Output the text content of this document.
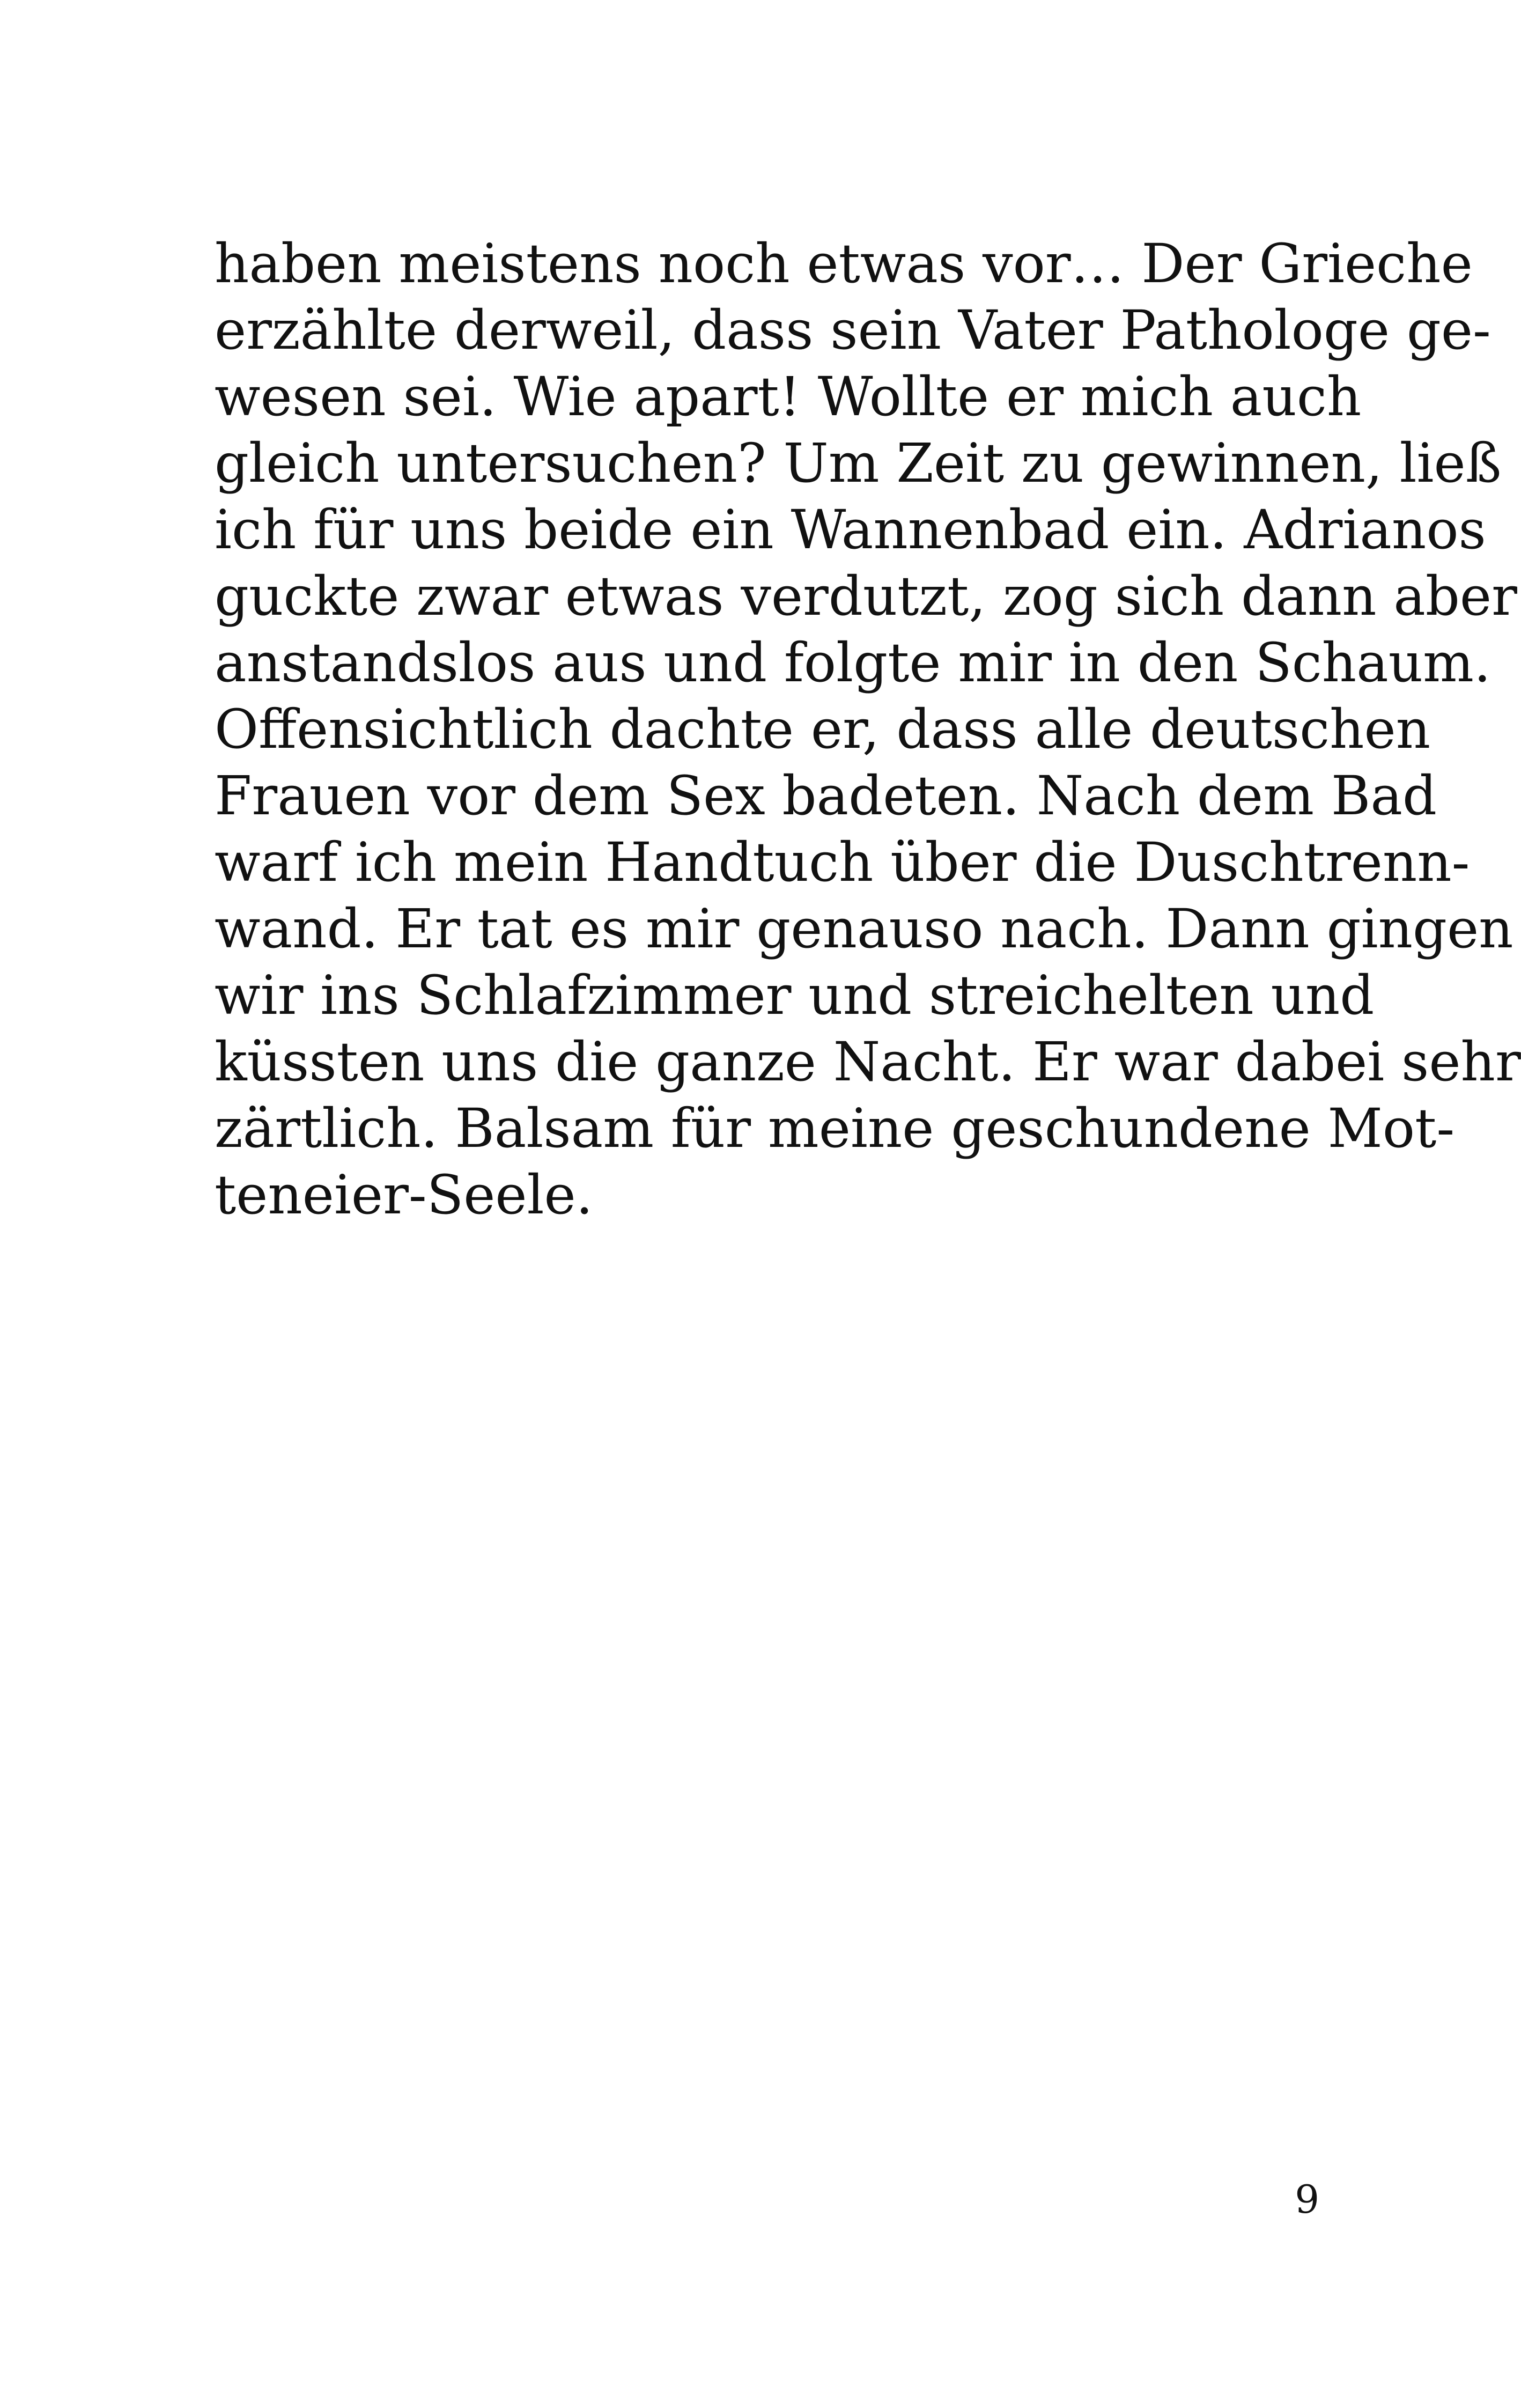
haben meistens noch etwas vor… Der Grieche
erzählte derweil, dass sein Vater Pathologe ge-
wesen sei. Wie apart! Wollte er mich auch
gleich untersuchen? Um Zeit zu gewinnen, ließ
ich für uns beide ein Wannenbad ein. Adrianos
guckte zwar etwas verdutzt, zog sich dann aber
anstandslos aus und folgte mir in den Schaum.
Offensichtlich dachte er, dass alle deutschen
Frauen vor dem Sex badeten. Nach dem Bad
warf ich mein Handtuch über die Duschtrenn-
wand. Er tat es mir genauso nach. Dann gingen
wir ins Schlafzimmer und streichelten und
küssten uns die ganze Nacht. Er war dabei sehr
zärtlich. Balsam für meine geschundene Mot-
teneier-Seele.
9
